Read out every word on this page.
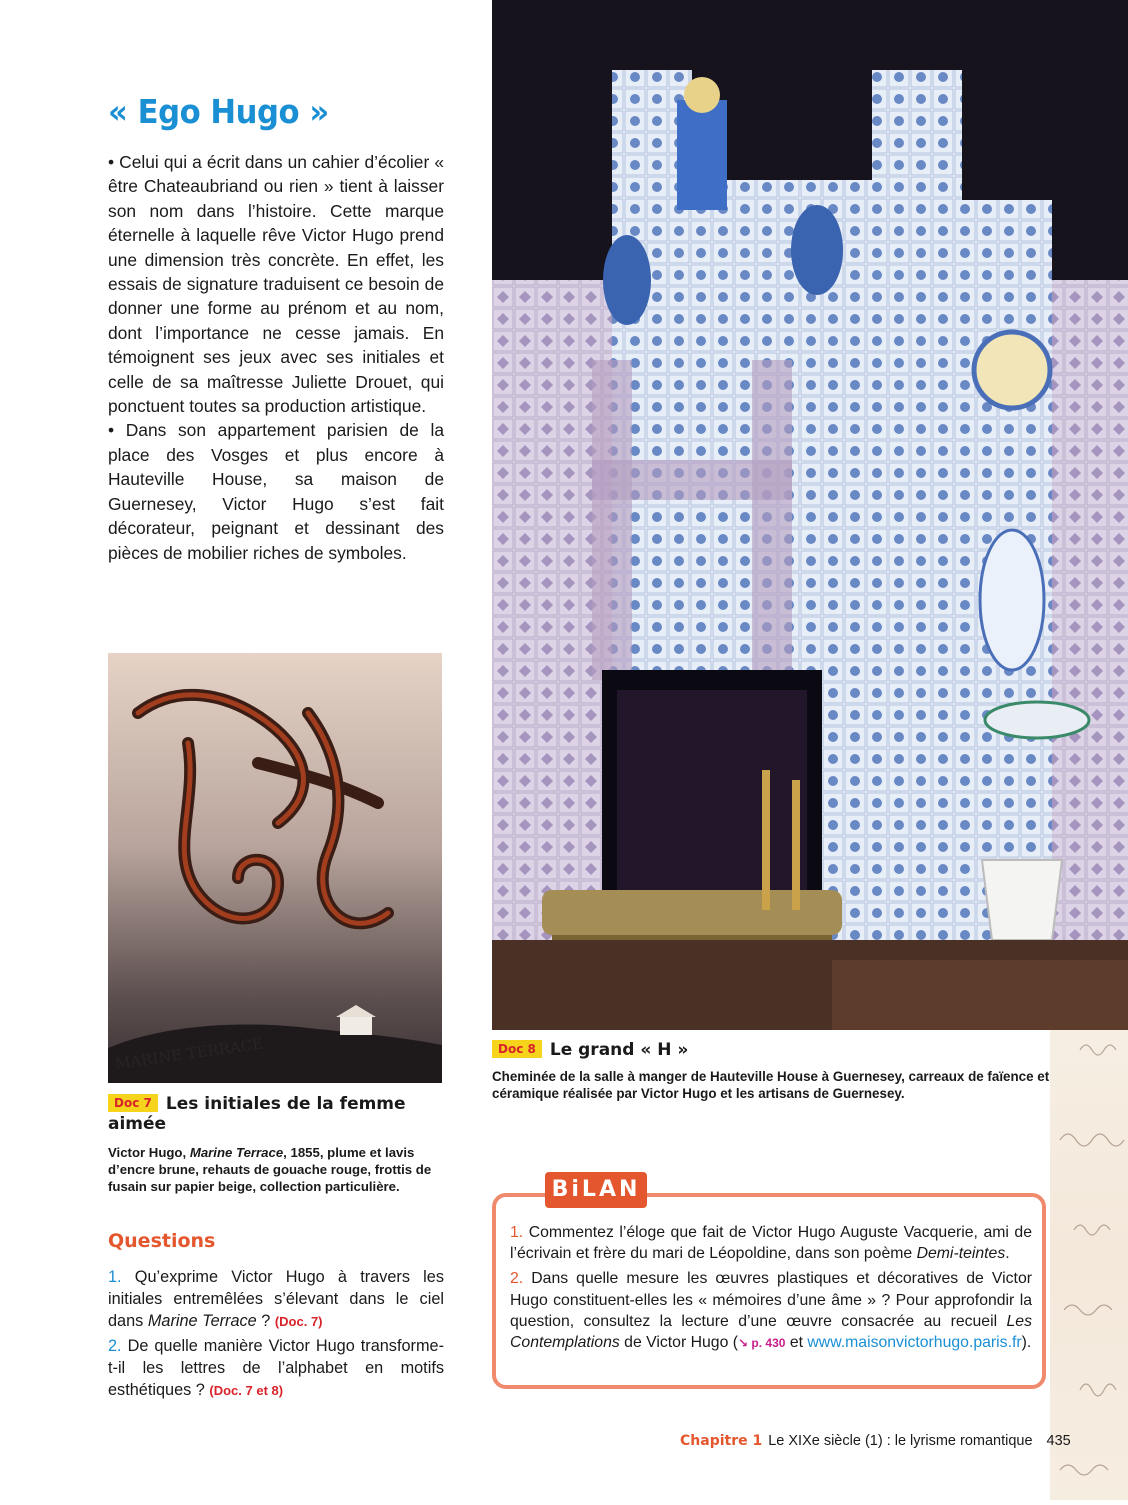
« Ego Hugo »

• Celui qui a écrit dans un cahier d’écolier « être Chateaubriand ou rien » tient à laisser son nom dans l’histoire. Cette marque éternelle à laquelle rêve Victor Hugo prend une dimension très concrète. En effet, les essais de signature traduisent ce besoin de donner une forme au prénom et au nom, dont l’importance ne cesse jamais. En témoignent ses jeux avec ses initiales et celle de sa maîtresse Juliette Drouet, qui ponctuent toutes sa production artistique.

• Dans son appartement parisien de la place des Vosges et plus encore à Hauteville House, sa maison de Guernesey, Victor Hugo s’est fait décorateur, peignant et dessinant des pièces de mobilier riches de symboles.

Doc 8 Le grand « H »
Cheminée de la salle à manger de Hauteville House à Guernesey, carreaux de faïence et céramique réalisée par Victor Hugo et les artisans de Guernesey.
MARINE TERRACE
Doc 7 Les initiales de la femme aimée
Victor Hugo, Marine Terrace, 1855, plume et lavis d’encre brune, rehauts de gouache rouge, frottis de fusain sur papier beige, collection particulière.
Questions

1. Qu’exprime Victor Hugo à travers les initiales entremêlées s’élevant dans le ciel dans Marine Terrace ? (Doc. 7)

2. De quelle manière Victor Hugo transforme-t-il les lettres de l’alphabet en motifs esthétiques ? (Doc. 7 et 8)

BiLAN

1. Commentez l’éloge que fait de Victor Hugo Auguste Vacquerie, ami de l’écrivain et frère du mari de Léopoldine, dans son poème Demi-teintes.

2. Dans quelle mesure les œuvres plastiques et décoratives de Victor Hugo constituent-elles les « mémoires d’une âme » ? Pour approfondir la question, consultez la lecture d’une œuvre consacrée au recueil Les Contemplations de Victor Hugo (↘ p. 430 et www.maisonvictorhugo.paris.fr).

Chapitre 1 Le XIXe siècle (1) : le lyrisme romantique 435
